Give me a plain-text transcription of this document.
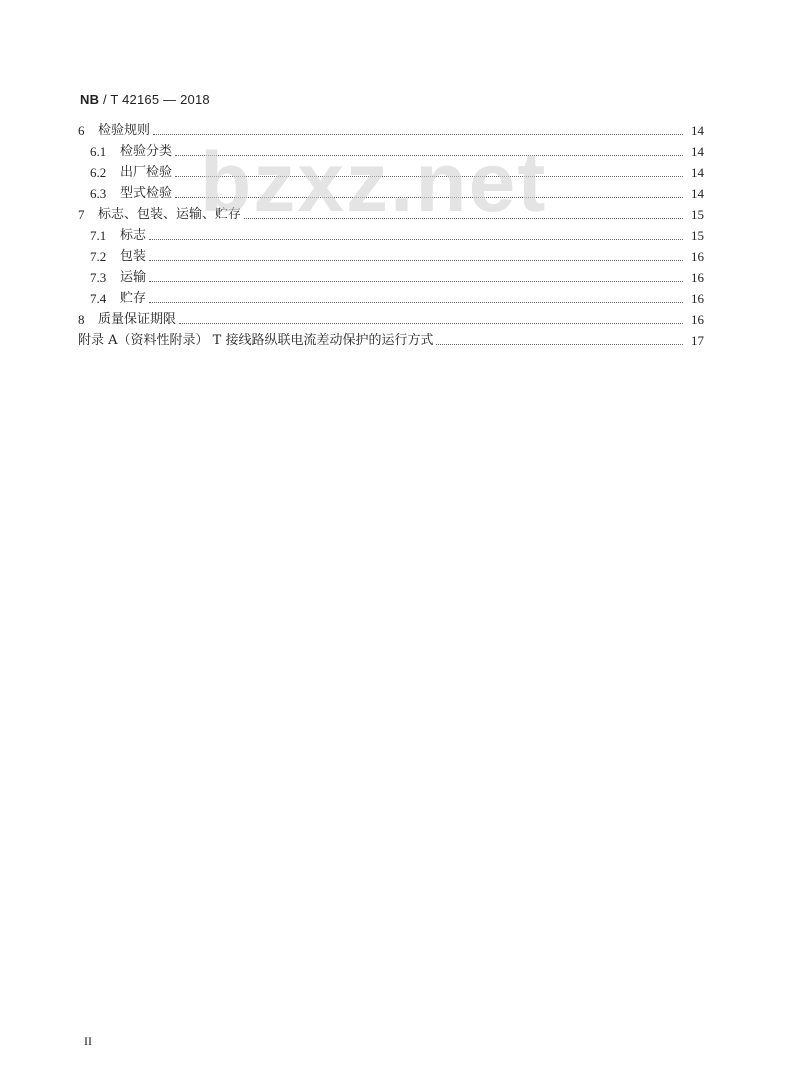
NB / T 42165 — 2018
6	检验规则	14
6.1	检验分类	14
6.2	出厂检验	14
6.3	型式检验	14
7	标志、包装、运输、贮存	15
7.1	标志	15
7.2	包装	16
7.3	运输	16
7.4	贮存	16
8	质量保证期限	16
附录 A（资料性附录） T 接线路纵联电流差动保护的运行方式	17
bzxz.net
II
